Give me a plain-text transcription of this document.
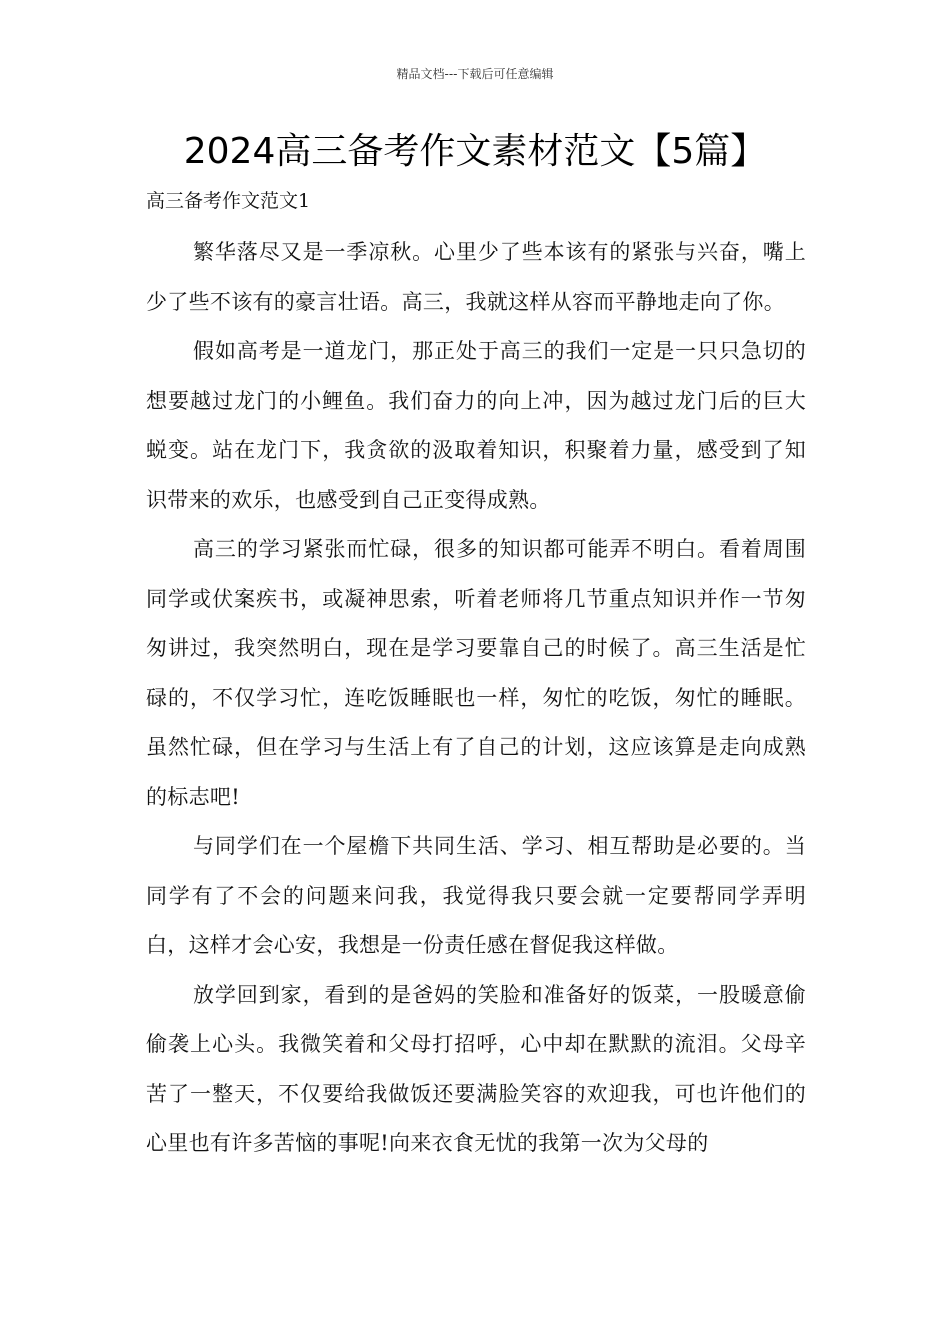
精品文档---下载后可任意编辑
2024高三备考作文素材范文【5篇】
高三备考作文范文1

繁华落尽又是一季凉秋。心里少了些本该有的紧张与兴奋，嘴上少了些不该有的豪言壮语。高三，我就这样从容而平静地走向了你。

假如高考是一道龙门，那正处于高三的我们一定是一只只急切的想要越过龙门的小鲤鱼。我们奋力的向上冲，因为越过龙门后的巨大蜕变。站在龙门下，我贪欲的汲取着知识，积聚着力量，感受到了知识带来的欢乐，也感受到自己正变得成熟。

高三的学习紧张而忙碌，很多的知识都可能弄不明白。看着周围同学或伏案疾书，或凝神思索，听着老师将几节重点知识并作一节匆匆讲过，我突然明白，现在是学习要靠自己的时候了。高三生活是忙碌的，不仅学习忙，连吃饭睡眠也一样，匆忙的吃饭，匆忙的睡眠。虽然忙碌，但在学习与生活上有了自己的计划，这应该算是走向成熟的标志吧!

与同学们在一个屋檐下共同生活、学习、相互帮助是必要的。当同学有了不会的问题来问我，我觉得我只要会就一定要帮同学弄明白，这样才会心安，我想是一份责任感在督促我这样做。

放学回到家，看到的是爸妈的笑脸和准备好的饭菜，一股暖意偷偷袭上心头。我微笑着和父母打招呼，心中却在默默的流泪。父母辛苦了一整天，不仅要给我做饭还要满脸笑容的欢迎我，可也许他们的心里也有许多苦恼的事呢!向来衣食无忧的我第一次为父母的
